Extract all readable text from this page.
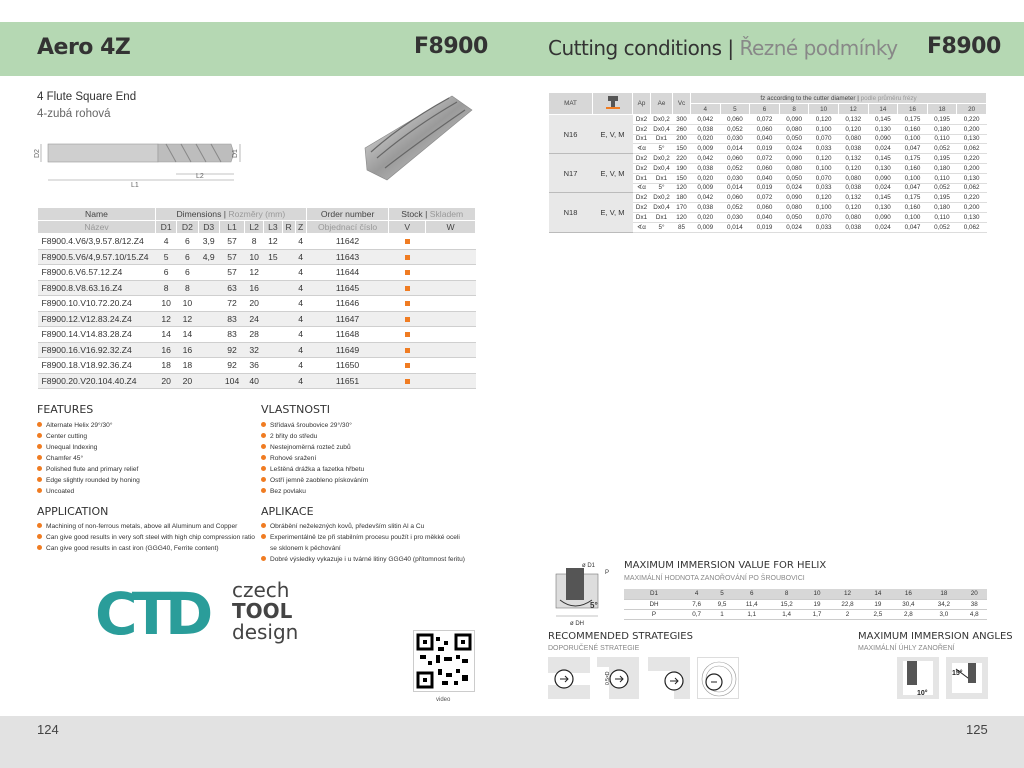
Aero 4Z	F8900	Cutting conditions | Řezné podmínky F8900
4 Flute Square End
4-zubá rohová
L1
L2
D2	D1
Name	Dimensions | Rozměry (mm)								Order number	Stock | Skladem	
Název	D1	D2	D3	L1	L2	L3	R	Z	Objednací číslo	V	W
F8900.4.V6/3,9.57.8/12.Z4	4	6	3,9	57	8	12		4	11642		
F8900.5.V6/4,9.57.10/15.Z4	5	6	4,9	57	10	15		4	11643		
F8900.6.V6.57.12.Z4	6	6		57	12			4	11644		
F8900.8.V8.63.16.Z4	8	8		63	16			4	11645		
F8900.10.V10.72.20.Z4	10	10		72	20			4	11646		
F8900.12.V12.83.24.Z4	12	12		83	24			4	11647		
F8900.14.V14.83.28.Z4	14	14		83	28			4	11648		
F8900.16.V16.92.32.Z4	16	16		92	32			4	11649		
F8900.18.V18.92.36.Z4	18	18		92	36			4	11650		
F8900.20.V20.104.40.Z4	20	20		104	40			4	11651		
FEATURES
Alternate Helix 29°/30°
Center cutting
Unequal Indexing
Chamfer 45°
Polished flute and primary relief
Edge slightly rounded by honing
Uncoated
VLASTNOSTI
Střídavá šroubovice 29°/30°
2 břity do středu
Nestejnoměrná rozteč zubů
Rohové sražení
Leštěná drážka a fazetka hřbetu
Ostří jemně zaobleno pískováním
Bez povlaku
APPLICATION
Machining of non-ferrous metals, above all Aluminum and Copper
Can give good results in very soft steel with high chip compression ratio
Can give good results in cast iron (GGG40, Ferrite content)
APLIKACE
Obrábění neželezných kovů, především slitin Al a Cu
Experimentálně lze při stabilním procesu použít i pro měkké oceli
se sklonem k pěchování
Dobré výsledky vykazuje i u tvárné litiny GGG40 (přítomnost feritu)
CTD	czech
TOOL
design
video
MAT		Ap	Ae	Vc	fz according to the cutter diameter | podle průměru frézy									
					4	5	6	8	10	12	14	16	18	20
N16	E, V, M	Dx2	Dx0,2	300	0,042	0,060	0,072	0,090	0,120	0,132	0,145	0,175	0,195	0,220
		Dx2	Dx0,4	260	0,038	0,052	0,060	0,080	0,100	0,120	0,130	0,160	0,180	0,200
		Dx1	Dx1	200	0,020	0,030	0,040	0,050	0,070	0,080	0,090	0,100	0,110	0,130
		∢α	5°	150	0,009	0,014	0,019	0,024	0,033	0,038	0,024	0,047	0,052	0,062
N17	E, V, M	Dx2	Dx0,2	220	0,042	0,060	0,072	0,090	0,120	0,132	0,145	0,175	0,195	0,220
		Dx2	Dx0,4	190	0,038	0,052	0,060	0,080	0,100	0,120	0,130	0,160	0,180	0,200
		Dx1	Dx1	150	0,020	0,030	0,040	0,050	0,070	0,080	0,090	0,100	0,110	0,130
		∢α	5°	120	0,009	0,014	0,019	0,024	0,033	0,038	0,024	0,047	0,052	0,062
N18	E, V, M	Dx2	Dx0,2	180	0,042	0,060	0,072	0,090	0,120	0,132	0,145	0,175	0,195	0,220
		Dx2	Dx0,4	170	0,038	0,052	0,060	0,080	0,100	0,120	0,130	0,160	0,180	0,200
		Dx1	Dx1	120	0,020	0,030	0,040	0,050	0,070	0,080	0,090	0,100	0,110	0,130
		∢α	5°	85	0,009	0,014	0,019	0,024	0,033	0,038	0,024	0,047	0,052	0,062
ø D1
P
5°
ø DH
MAXIMUM IMMERSION VALUE FOR HELIX
MAXIMÁLNÍ HODNOTA ZANOŘOVÁNÍ PO ŠROUBOVICI
D1	4	5	6	8	10	12	14	16	18	20
DH	7,6	9,5	11,4	15,2	19	22,8	19	30,4	34,2	38
P	0,7	1	1,1	1,4	1,7	2	2,5	2,8	3,0	4,8
RECOMMENDED STRATEGIES
DOPORUČENÉ STRATEGIE
0,5×D
MAXIMUM IMMERSION ANGLES
MAXIMÁLNÍ ÚHLY ZANOŘENÍ
10°
15°
124	125
